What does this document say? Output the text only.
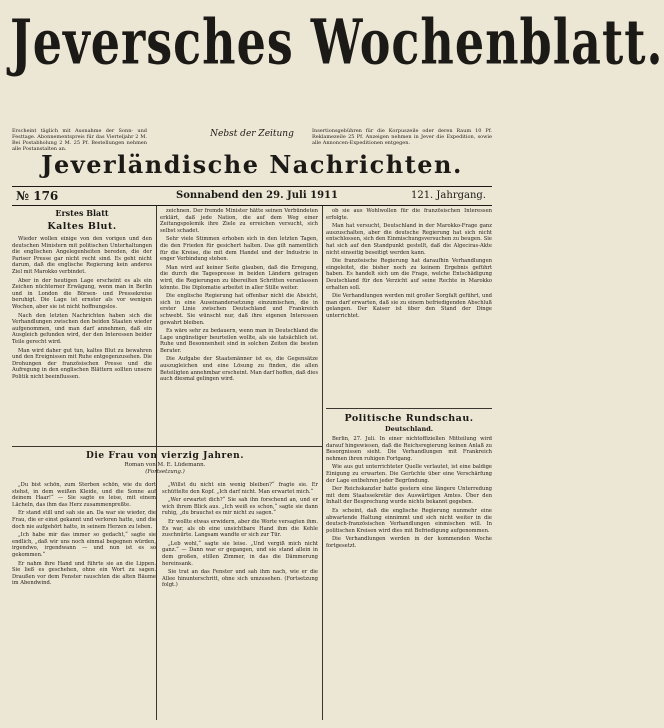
Jeversches Wochenblatt.
Erscheint täglich mit Ausnahme der Sonn- und Festtage. Abonnementspreis für das Vierteljahr 2 M. Bei Postabholung 2 M. 25 Pf. Bestellungen nehmen alle Postanstalten an.
Nebst der Zeitung	Insertionsgebühren für die Korpuszeile oder deren Raum 10 Pf. Reklamezeile 25 Pf. Anzeigen nehmen in Jever die Expedition, sowie alle Annoncen-Expeditionen entgegen.
Jeverländische Nachrichten.
№ 176	Sonnabend den 29. Juli 1911	121. Jahrgang.
Erstes Blatt
Kaltes Blut.

Wieder wollen einige von den vorigen und den deutschen Ministern mit politischen Unterhaltungen die englischen Angelegenheiten bereden, die der Pariser Presse gar nicht recht sind. Es geht nicht darum, daß die englische Regierung kein anderes Ziel mit Marokko verbindet.

Aber in der heutigen Lage erscheint es als ein Zeichen nüchterner Erwägung, wenn man in Berlin und in London die Börsen- und Pressekreise beruhigt. Die Lage ist ernster als vor wenigen Wochen, aber sie ist nicht hoffnungslos.

Nach den letzten Nachrichten haben sich die Verhandlungen zwischen den beiden Staaten wieder aufgenommen, und man darf annehmen, daß ein Ausgleich gefunden wird, der den Interessen beider Teile gerecht wird.

Man wird daher gut tun, kaltes Blut zu bewahren und den Ereignissen mit Ruhe entgegenzusehen. Die Drohungen der französischen Presse und die Aufregung in den englischen Blättern sollten unsere Politik nicht beeinflussen.

zeichnen. Der fremde Minister hätte seinen Verbündeten erklärt, daß jede Nation, die auf dem Weg einer Zeitungspolemik ihre Ziele zu erreichen versucht, sich selbst schadet.

Sehr viele Stimmen erhoben sich in den letzten Tagen, die den Frieden für gesichert halten. Das gilt namentlich für die Kreise, die mit dem Handel und der Industrie in enger Verbindung stehen.

Man wird auf keiner Seite glauben, daß die Erregung, die durch die Tagespresse in beiden Ländern getragen wird, die Regierungen zu übereilten Schritten veranlassen könnte. Die Diplomatie arbeitet in aller Stille weiter.

Die englische Regierung hat offenbar nicht die Absicht, sich in eine Auseinandersetzung einzumischen, die in erster Linie zwischen Deutschland und Frankreich schwebt. Sie wünscht nur, daß ihre eigenen Interessen gewahrt bleiben.

Es wäre sehr zu bedauern, wenn man in Deutschland die Lage ungünstiger beurteilen wollte, als sie tatsächlich ist. Ruhe und Besonnenheit sind in solchen Zeiten die besten Berater.

Die Aufgabe der Staatsmänner ist es, die Gegensätze auszugleichen und eine Lösung zu finden, die allen Beteiligten annehmbar erscheint. Man darf hoffen, daß dies auch diesmal gelingen wird.

ob sie aus Wohlwollen für die französischen Interessen erfolgte.

Man hat versucht, Deutschland in der Marokko-Frage ganz auszuschalten, aber die deutsche Regierung hat sich nicht entschlossen, sich den Einmischungsversuchen zu beugen. Sie hat sich auf den Standpunkt gestellt, daß die Algeciras-Akte nicht einseitig beseitigt werden kann.

Die französische Regierung hat daraufhin Verhandlungen eingeleitet, die bisher noch zu keinem Ergebnis geführt haben. Es handelt sich um die Frage, welche Entschädigung Deutschland für den Verzicht auf seine Rechte in Marokko erhalten soll.

Die Verhandlungen werden mit großer Sorgfalt geführt, und man darf erwarten, daß sie zu einem befriedigenden Abschluß gelangen. Der Kaiser ist über den Stand der Dinge unterrichtet.

Politische Rundschau.
Deutschland.

Berlin, 27. Juli. In einer nichtoffiziellen Mitteilung wird darauf hingewiesen, daß die Reichsregierung keinen Anlaß zu Besorgnissen sieht. Die Verhandlungen mit Frankreich nehmen ihren ruhigen Fortgang.

Wie aus gut unterrichteter Quelle verlautet, ist eine baldige Einigung zu erwarten. Die Gerüchte über eine Verschärfung der Lage entbehren jeder Begründung.

Der Reichskanzler hatte gestern eine längere Unterredung mit dem Staatssekretär des Auswärtigen Amtes. Über den Inhalt der Besprechung wurde nichts bekannt gegeben.

Es scheint, daß die englische Regierung nunmehr eine abwartende Haltung einnimmt und sich nicht weiter in die deutsch-französischen Verhandlungen einmischen will. In politischen Kreisen wird dies mit Befriedigung aufgenommen.

Die Verhandlungen werden in der kommenden Woche fortgesetzt.

Die Frau von vierzig Jahren.
Roman von M. E. Lüdemann.
(Fortsetzung.)

„Du bist schön, zum Sterben schön, wie du dort stehst, in dem weißen Kleide, und die Sonne auf deinem Haar!“ — Sie sagte es leise, mit einem Lächeln, das ihm das Herz zusammenpreßte.

Er stand still und sah sie an. Da war sie wieder, die Frau, die er einst gekannt und verloren hatte, und die doch nie aufgehört hatte, in seinem Herzen zu leben.

„Ich habe mir das immer so gedacht,“ sagte sie endlich, „daß wir uns noch einmal begegnen würden, irgendwo, irgendwann — und nun ist es so gekommen.“

Er nahm ihre Hand und führte sie an die Lippen. Sie ließ es geschehen, ohne ein Wort zu sagen. Draußen vor dem Fenster rauschten die alten Bäume im Abendwind.

„Willst du nicht ein wenig bleiben?“ fragte sie. Er schüttelte den Kopf. „Ich darf nicht. Man erwartet mich.“

„Wer erwartet dich?“ Sie sah ihn forschend an, und er wich ihrem Blick aus. „Ich weiß es schon,“ sagte sie dann ruhig, „du brauchst es mir nicht zu sagen.“

Er wollte etwas erwidern, aber die Worte versagten ihm. Es war, als ob eine unsichtbare Hand ihm die Kehle zuschnürte. Langsam wandte er sich zur Tür.

„Leb wohl,“ sagte sie leise. „Und vergiß mich nicht ganz.“ — Dann war er gegangen, und sie stand allein in dem großen, stillen Zimmer, in das die Dämmerung hereinsank.

Sie trat an das Fenster und sah ihm nach, wie er die Allee hinunterschritt, ohne sich umzusehen. (Fortsetzung folgt.)
